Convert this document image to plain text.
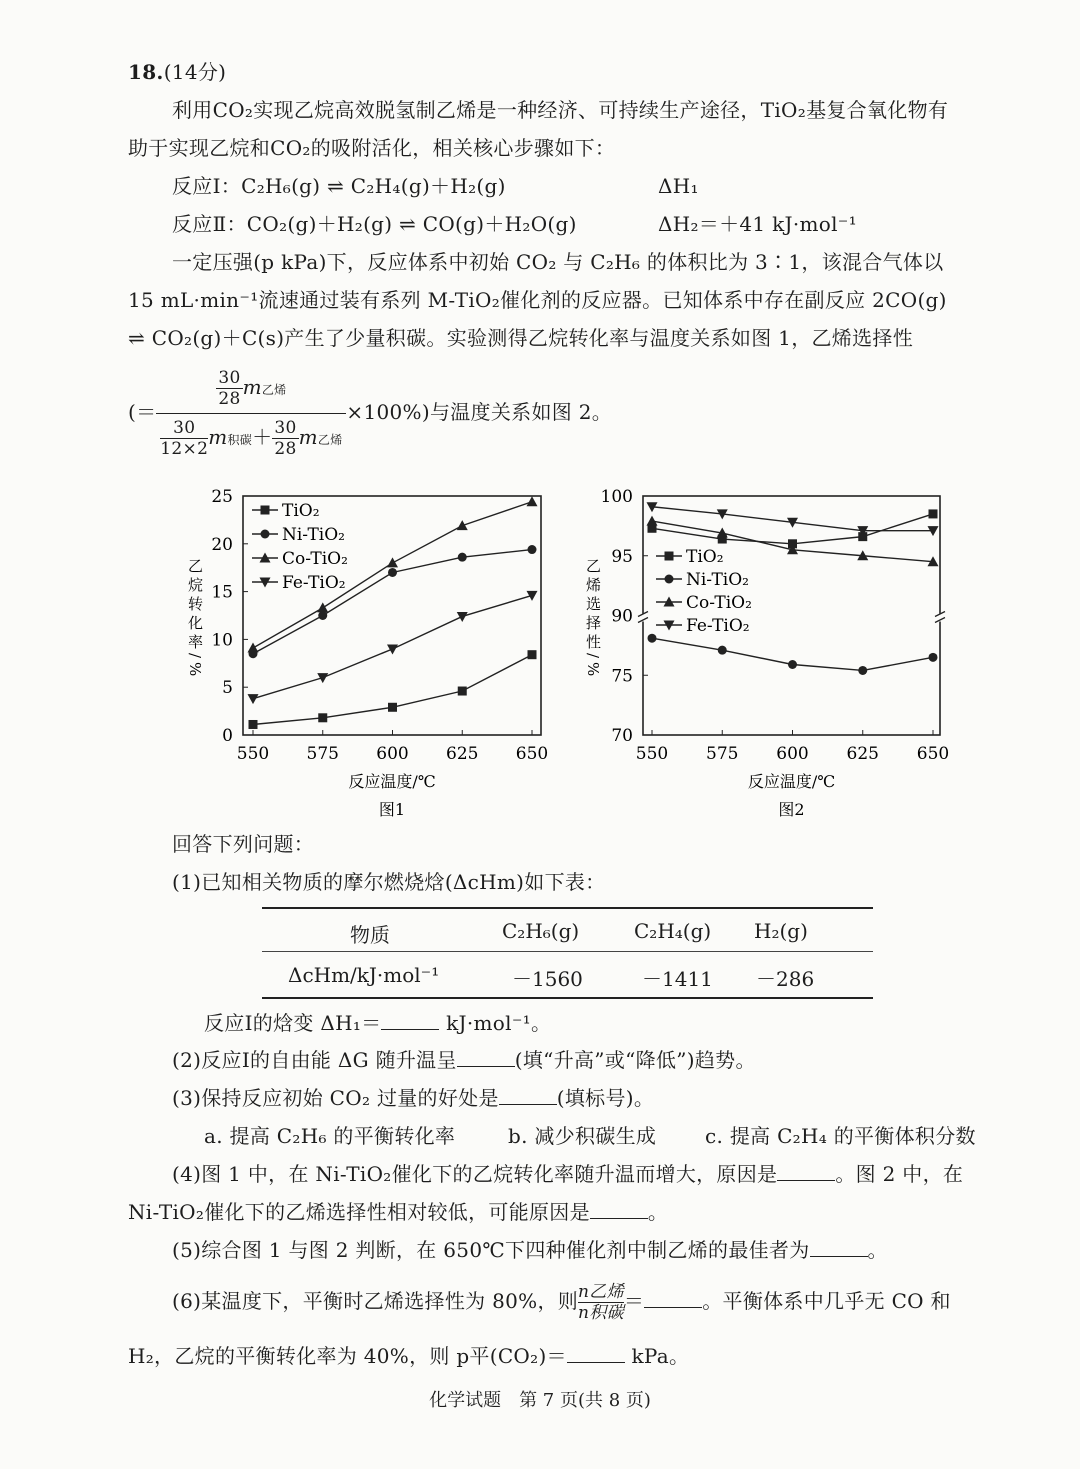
0
5
10
15
20
25
550 575 600 625 650
反应温度/℃
图1
乙烷转化率/%
TiO₂
Ni-TiO₂
Co-TiO₂
Fe-TiO₂
70
75
90
95
100
550 575 600 625 650
反应温度/℃
图2
乙烯选择性/%
TiO₂
Ni-TiO₂
Co-TiO₂
Fe-TiO₂
18.(14分)
利用CO₂实现乙烷高效脱氢制乙烯是一种经济、可持续生产途径，TiO₂基复合氧化物有
助于实现乙烷和CO₂的吸附活化，相关核心步骤如下：
反应Ⅰ：C₂H₆(g) ⇌ C₂H₄(g)＋H₂(g)	ΔH₁
反应Ⅱ：CO₂(g)＋H₂(g) ⇌ CO(g)＋H₂O(g)	ΔH₂＝＋41 kJ·mol⁻¹
一定压强(p kPa)下，反应体系中初始 CO₂ 与 C₂H₆ 的体积比为 3∶1，该混合气体以
15 mL·min⁻¹流速通过装有系列 M-TiO₂催化剂的反应器。已知体系中存在副反应 2CO(g)
⇌ CO₂(g)＋C(s)产生了少量积碳。实验测得乙烷转化率与温度关系如图 1，乙烯选择性
(＝ $\frac{\frac{30}{28}m乙烯}{\frac{30}{12\times 2}m积碳+ \frac{30}{28}m乙烯} \times 100\%$)与温度关系如图 2。
回答下列问题：
(1)已知相关物质的摩尔燃烧焓(ΔcHm)如下表：
物质	C₂H₆(g)	C₂H₄(g) H₂(g)
ΔcHm/kJ·mol⁻¹	－1560	－1411 －286
反应Ⅰ的焓变 ΔH₁＝	kJ·mol⁻¹。
(2)反应Ⅰ的自由能 ΔG 随升温呈	(填“升高”或“降低”)趋势。
(3)保持反应初始 CO₂ 过量的好处是	(填标号)。
a. 提高 C₂H₆ 的平衡转化率	b. 减少积碳生成 c. 提高 C₂H₄ 的平衡体积分数
(4)图 1 中，在 Ni-TiO₂催化下的乙烷转化率随升温而增大，原因是	。图 2 中，在
Ni-TiO₂催化下的乙烯选择性相对较低，可能原因是	。
(5)综合图 1 与图 2 判断，在 650℃下四种催化剂中制乙烯的最佳者为	。
(6)某温度下，平衡时乙烯选择性为 80%，则 n乙烯
n积碳＝	。平衡体系中几乎无 CO 和
H₂，乙烷的平衡转化率为 40%，则 p平(CO₂)＝	kPa。
化学试题　第 7 页(共 8 页)
